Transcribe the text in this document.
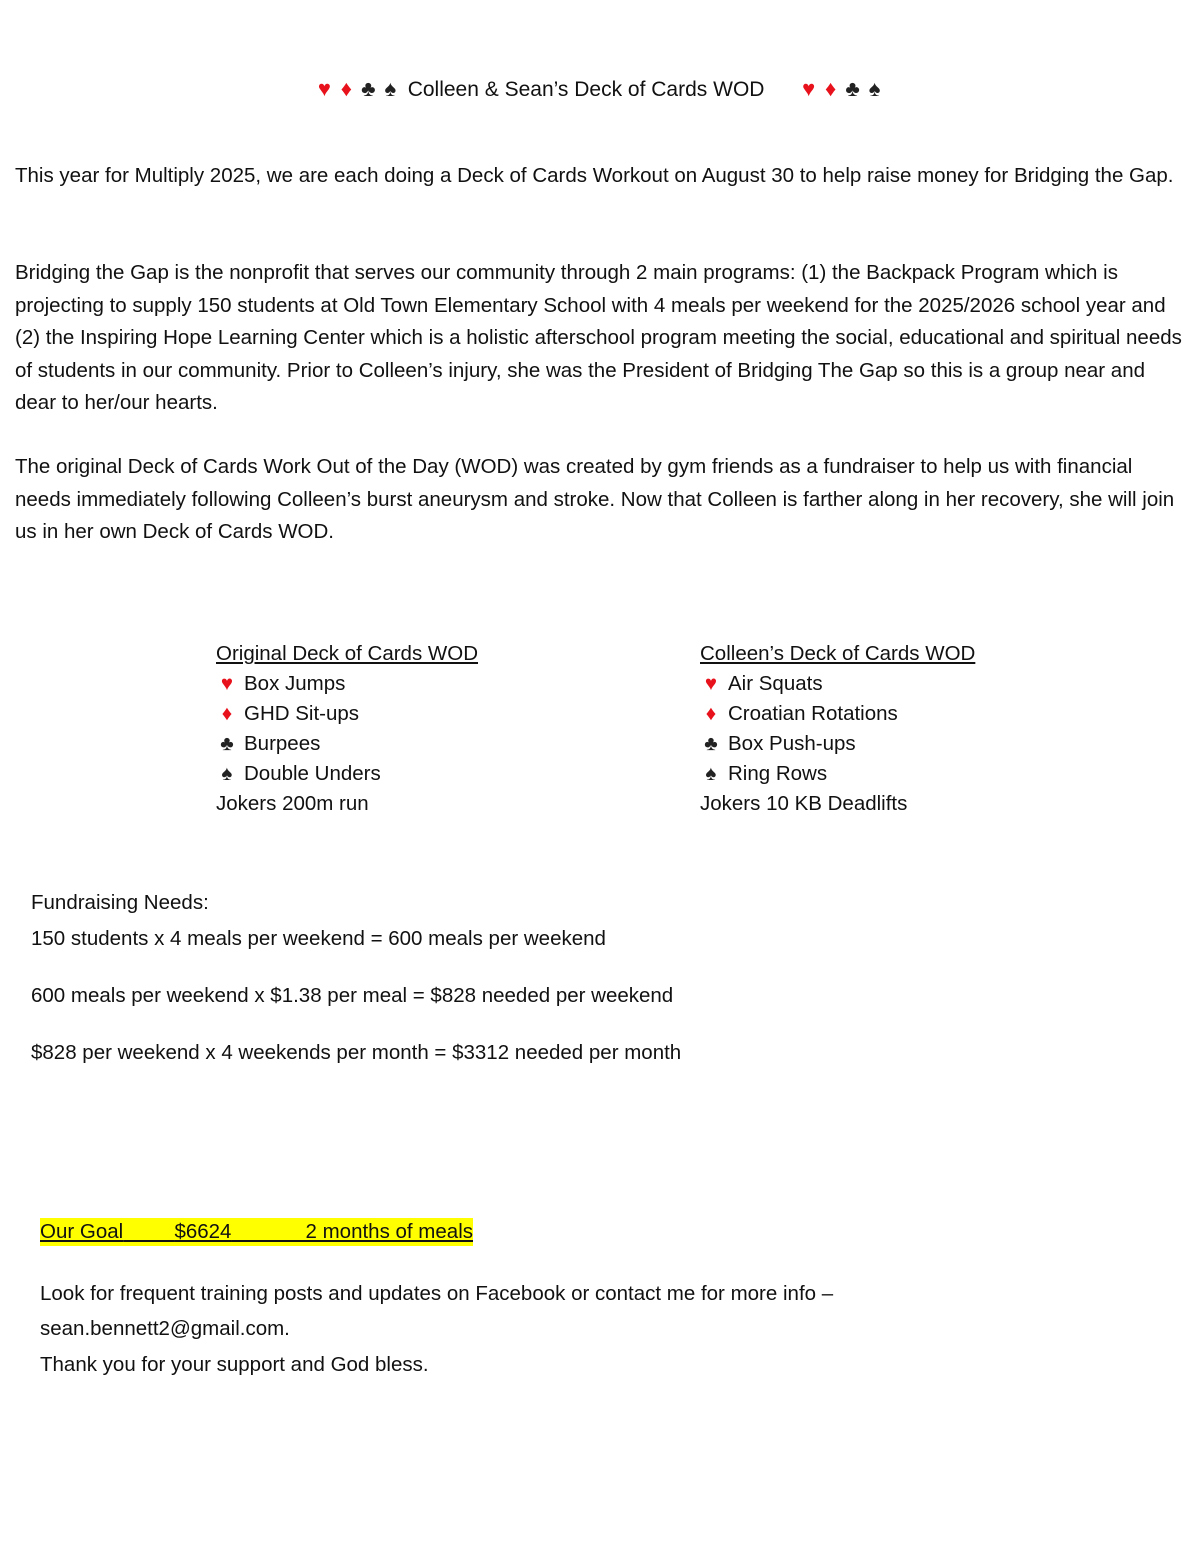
♥ ♦ ♣ ♠ Colleen & Sean’s Deck of Cards WOD ♥ ♦ ♣ ♠

This year for Multiply 2025, we are each doing a Deck of Cards Workout on August 30 to help raise money for Bridging the Gap.

Bridging the Gap is the nonprofit that serves our community through 2 main programs: (1) the Backpack Program which is projecting to supply 150 students at Old Town Elementary School with 4 meals per weekend for the 2025/2026 school year and (2) the Inspiring Hope Learning Center which is a holistic afterschool program meeting the social, educational and spiritual needs of students in our community. Prior to Colleen’s injury, she was the President of Bridging The Gap so this is a group near and dear to her/our hearts.

The original Deck of Cards Work Out of the Day (WOD) was created by gym friends as a fundraiser to help us with financial needs immediately following Colleen’s burst aneurysm and stroke. Now that Colleen is farther along in her recovery, she will join us in her own Deck of Cards WOD.

Original Deck of Cards WOD
♥ Box Jumps
♦ GHD Sit-ups
♣ Burpees
♠ Double Unders
Jokers 200m run
Colleen’s Deck of Cards WOD
♥ Air Squats
♦ Croatian Rotations
♣ Box Push-ups
♠ Ring Rows
Jokers 10 KB Deadlifts

Fundraising Needs:

150 students x 4 meals per weekend = 600 meals per weekend

600 meals per weekend x $1.38 per meal = $828 needed per weekend

$828 per weekend x 4 weekends per month = $3312 needed per month

Our Goal	$6624	2 months of meals

Look for frequent training posts and updates on Facebook or contact me for more info –

sean.bennett2@gmail.com.

Thank you for your support and God bless.
